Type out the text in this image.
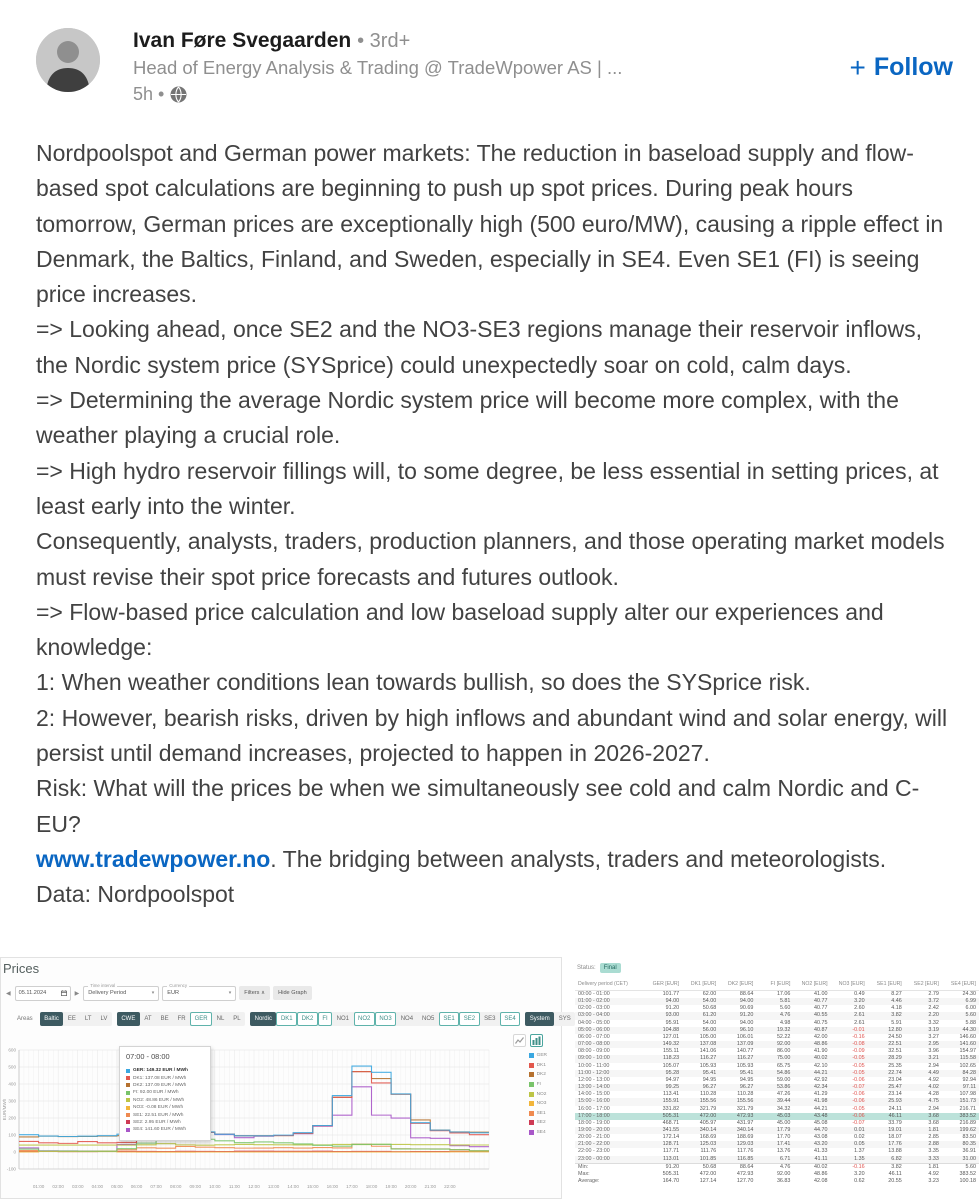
Ivan Føre Svegaarden • 3rd+
Head of Energy Analysis & Trading @ TradeWpower AS | ...
5h •
+ Follow

Nordpoolspot and German power markets: The reduction in baseload supply and flow-based spot calculations are beginning to push up spot prices. During peak hours tomorrow, German prices are exceptionally high (500 euro/MW), causing a ripple effect in Denmark, the Baltics, Finland, and Sweden, especially in SE4. Even SE1 (FI) is seeing price increases.

=> Looking ahead, once SE2 and the NO3-SE3 regions manage their reservoir inflows, the Nordic system price (SYSprice) could unexpectedly soar on cold, calm days.

=> Determining the average Nordic system price will become more complex, with the weather playing a crucial role.

=> High hydro reservoir fillings will, to some degree, be less essential in setting prices, at least early into the winter.

Consequently, analysts, traders, production planners, and those operating market models must revise their spot price forecasts and futures outlook.

=> Flow-based price calculation and low baseload supply alter our experiences and knowledge:

1: When weather conditions lean towards bullish, so does the SYSprice risk.

2: However, bearish risks, driven by high inflows and abundant wind and solar energy, will persist until demand increases, projected to happen in 2026-2027.

Risk: What will the prices be when we simultaneously see cold and calm Nordic and C-EU?

www.tradewpower.no. The bridging between analysts, traders and meteorologists.

Data: Nordpoolspot

Prices
◀ 05.11.2024	▶
Time interval
Delivery Period	▾
Currency
EUR	▾	Filters ∧	Hide Graph
Areas	Baltic	EE	LT	LV	CWE	AT	BE	FR	GER	NL	PL	Nordic	DK1	DK2	FI	NO1	NO2	NO3	NO4	NO5	SE1	SE2	SE3	SE4	System	SYS
600
500
400
300
200
100
0
-100
EUR/MWh
01:00 02:00 03:00 04:00 05:00 06:00 07:00 08:00 09:00 10:00 11:00 12:00 13:00 14:00 15:00 16:00 17:00 18:00 19:00 20:00 21:00 22:00
GER
DK1
DK2
FI
NO2
NO3
SE1
SE2
SE4
07:00 - 08:00
GER: 149.32 EUR / MWh
DK1: 137.08 EUR / MWh
DK2: 137.09 EUR / MWh
FI: 92.00 EUR / MWh
NO2: 48.86 EUR / MWh
NO3: -0.08 EUR / MWh
SE1: 22.51 EUR / MWh
SE2: 2.95 EUR / MWh
SE4: 141.60 EUR / MWh
Status:	Final
Delivery period (CET)	GER [EUR]	DK1 [EUR]	DK2 [EUR]	FI [EUR]	NO2 [EUR]	NO3 [EUR]	SE1 [EUR]	SE2 [EUR]	SE4 [EUR]
00:00 - 01:00	101.77	62.00	88.64	17.06	41.00	0.49	8.27	2.79	24.30
01:00 - 02:00	94.00	54.00	94.00	5.81	40.77	3.20	4.46	3.72	6.99
02:00 - 03:00	91.20	50.68	90.69	5.60	40.77	2.60	4.18	2.42	6.00
03:00 - 04:00	93.00	61.20	91.20	4.76	40.55	2.61	3.82	2.20	5.60
04:00 - 05:00	95.91	54.00	94.00	4.98	40.75	2.61	5.91	3.32	5.88
05:00 - 06:00	104.88	56.00	96.10	19.32	40.87	-0.01	12.80	3.19	44.30
06:00 - 07:00	127.01	105.00	106.01	52.22	42.00	-0.16	24.50	3.27	146.60
07:00 - 08:00	149.32	137.08	137.09	92.00	48.86	-0.08	22.51	2.95	141.60
08:00 - 09:00	155.11	141.06	140.77	86.00	41.90	-0.09	32.51	3.96	154.97
09:00 - 10:00	118.23	116.27	116.27	75.00	40.02	-0.05	28.29	3.21	115.58
10:00 - 11:00	105.07	105.93	105.93	65.75	42.10	-0.05	25.35	2.94	102.65
11:00 - 12:00	95.28	95.41	95.41	54.86	44.21	-0.05	22.74	4.49	84.28
12:00 - 13:00	94.97	94.95	94.95	59.00	42.92	-0.06	23.04	4.92	92.94
13:00 - 14:00	99.25	96.27	96.27	53.86	42.34	-0.07	25.47	4.02	97.11
14:00 - 15:00	113.41	110.28	110.28	47.26	41.29	-0.06	23.14	4.28	107.98
15:00 - 16:00	155.91	155.56	155.56	39.44	41.98	-0.06	25.93	4.75	151.73
16:00 - 17:00	331.82	321.79	321.79	34.32	44.21	-0.05	24.11	2.94	216.71
17:00 - 18:00	505.31	472.00	472.93	45.03	43.48	-0.06	46.11	3.68	383.52
18:00 - 19:00	468.71	405.97	431.97	45.00	45.08	-0.07	33.79	3.68	216.89
19:00 - 20:00	341.55	340.14	340.14	17.79	44.70	0.01	19.01	1.81	199.62
20:00 - 21:00	172.14	168.69	188.69	17.70	43.08	0.02	18.07	2.85	83.50
21:00 - 22:00	128.71	125.03	129.03	17.41	43.20	0.05	17.76	2.88	80.35
22:00 - 23:00	117.71	111.76	117.76	13.76	41.33	1.37	13.88	3.35	36.91
23:00 - 00:00	113.01	101.85	116.85	6.71	41.11	1.35	6.82	3.33	31.00
Min:	91.20	50.68	88.64	4.76	40.02	-0.16	3.82	1.81	5.60
Max:	505.31	472.00	472.93	92.00	48.86	3.20	46.11	4.92	383.52
Average:	164.70	127.14	127.70	36.83	42.08	0.62	20.55	3.23	100.18
